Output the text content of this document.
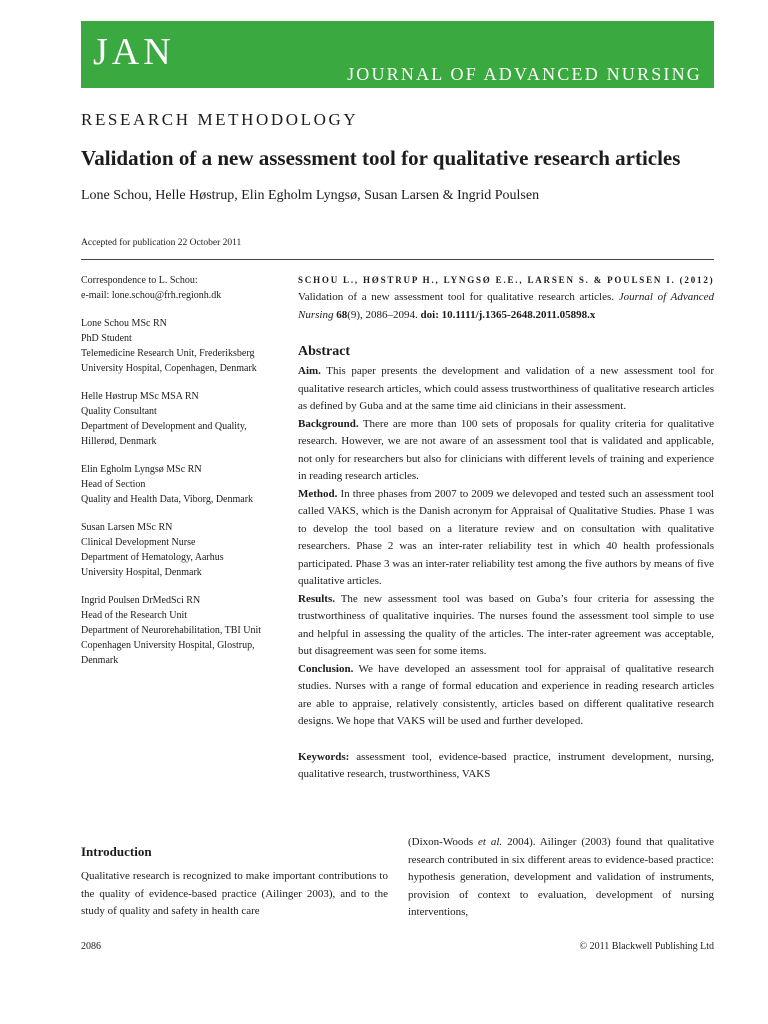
JAN
JOURNAL OF ADVANCED NURSING
RESEARCH METHODOLOGY
Validation of a new assessment tool for qualitative research articles
Lone Schou, Helle Høstrup, Elin Egholm Lyngsø, Susan Larsen & Ingrid Poulsen
Accepted for publication 22 October 2011

Correspondence to L. Schou:

e-mail: lone.schou@frh.regionh.dk

Lone Schou MSc RN
PhD Student
Telemedicine Research Unit, Frederiksberg
University Hospital, Copenhagen, Denmark
Helle Høstrup MSc MSA RN
Quality Consultant
Department of Development and Quality,
Hillerød, Denmark
Elin Egholm Lyngsø MSc RN
Head of Section
Quality and Health Data, Viborg, Denmark
Susan Larsen MSc RN
Clinical Development Nurse
Department of Hematology, Aarhus
University Hospital, Denmark
Ingrid Poulsen DrMedSci RN
Head of the Research Unit
Department of Neurorehabilitation, TBI Unit
Copenhagen University Hospital, Glostrup,
Denmark
SCHOU L., HØSTRUP H., LYNGSØ E.E., LARSEN S. & POULSEN I. (2012)
Validation of a new assessment tool for qualitative research articles. Journal of Advanced Nursing 68(9), 2086–2094. doi: 10.1111/j.1365-2648.2011.05898.x
Abstract

Aim. This paper presents the development and validation of a new assessment tool for qualitative research articles, which could assess trustworthiness of qualitative research articles as defined by Guba and at the same time aid clinicians in their assessment.

Background. There are more than 100 sets of proposals for quality criteria for qualitative research. However, we are not aware of an assessment tool that is validated and applicable, not only for researchers but also for clinicians with different levels of training and experience in reading research articles.

Method. In three phases from 2007 to 2009 we delevoped and tested such an assessment tool called VAKS, which is the Danish acronym for Appraisal of Qualitative Studies. Phase 1 was to develop the tool based on a literature review and on consultation with qualitative researchers. Phase 2 was an inter-rater reliability test in which 40 health professionals participated. Phase 3 was an inter-rater reliability test among the five authors by means of five qualitative articles.

Results. The new assessment tool was based on Guba’s four criteria for assessing the trustworthiness of qualitative inquiries. The nurses found the assessment tool simple to use and helpful in assessing the quality of the articles. The inter-rater agreement was acceptable, but disagreement was seen for some items.

Conclusion. We have developed an assessment tool for appraisal of qualitative research studies. Nurses with a range of formal education and experience in reading research articles are able to appraise, relatively consistently, articles based on different qualitative research designs. We hope that VAKS will be used and further developed.

Keywords: assessment tool, evidence-based practice, instrument development, nursing, qualitative research, trustworthiness, VAKS
Introduction

Qualitative research is recognized to make important contributions to the quality of evidence-based practice (Ailinger 2003), and to the study of quality and safety in health care

(Dixon-Woods et al. 2004). Ailinger (2003) found that qualitative research contributed in six different areas to evidence-based practice: hypothesis generation, development and validation of instruments, provision of context to evaluation, development of nursing interventions,

2086	© 2011 Blackwell Publishing Ltd
